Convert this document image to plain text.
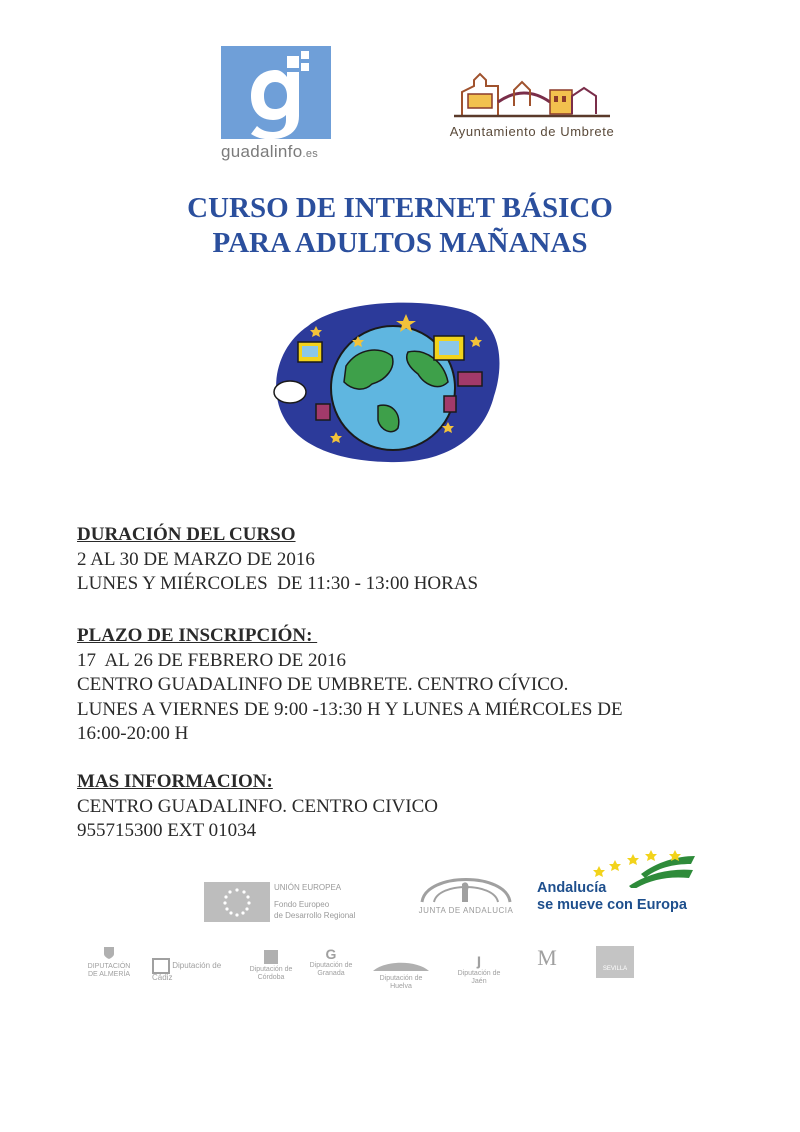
guadalinfo.es
Ayuntamiento de Umbrete
CURSO DE INTERNET BÁSICO
PARA ADULTOS MAÑANAS
DURACIÓN DEL CURSO
2 AL 30 DE MARZO DE 2016
LUNES Y MIÉRCOLES  DE 11:30 - 13:00 HORAS
PLAZO DE INSCRIPCIÓN:
17  AL 26 DE FEBRERO DE 2016
CENTRO GUADALINFO DE UMBRETE. CENTRO CÍVICO.
LUNES A VIERNES DE 9:00 -13:30 H Y LUNES A MIÉRCOLES DE
16:00-20:00 H
MAS INFORMACION:
CENTRO GUADALINFO. CENTRO CIVICO
955715300 EXT 01034
UNIÓN EUROPEA
Fondo Europeo
de Desarrollo Regional
JUNTA DE ANDALUCIA
Andalucía
se mueve con Europa
DIPUTACIÓN DE ALMERÍA
Diputación de Cádiz
Diputación de Córdoba
G
Diputación de Granada
Diputación de Huelva
ȷ
Diputación de Jaén
M	SEVILLA
